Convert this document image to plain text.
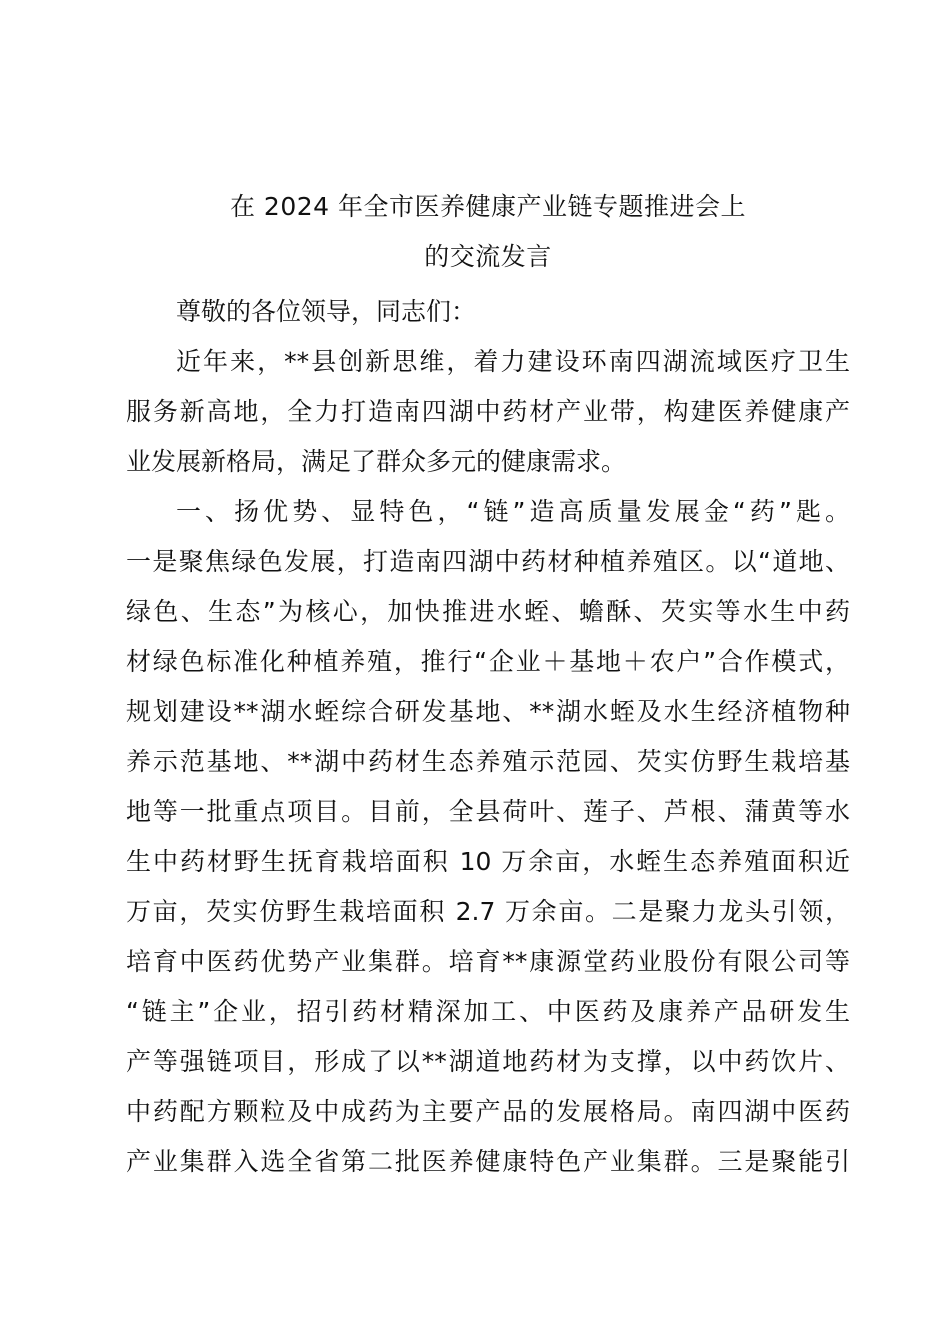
在 2024 年全市医养健康产业链专题推进会上
的交流发言
尊敬的各位领导，同志们：
近年来，**县创新思维，着力建设环南四湖流域医疗卫生
服务新高地，全力打造南四湖中药材产业带，构建医养健康产
业发展新格局，满足了群众多元的健康需求。
一、扬优势、显特色，“链”造高质量发展金“药”匙。
一是聚焦绿色发展，打造南四湖中药材种植养殖区。以“道地、
绿色、生态”为核心，加快推进水蛭、蟾酥、芡实等水生中药
材绿色标准化种植养殖，推行“企业＋基地＋农户”合作模式，
规划建设**湖水蛭综合研发基地、**湖水蛭及水生经济植物种
养示范基地、**湖中药材生态养殖示范园、芡实仿野生栽培基
地等一批重点项目。目前，全县荷叶、莲子、芦根、蒲黄等水
生中药材野生抚育栽培面积 10 万余亩，水蛭生态养殖面积近
万亩，芡实仿野生栽培面积 2.7 万余亩。二是聚力龙头引领，
培育中医药优势产业集群。培育**康源堂药业股份有限公司等
“链主”企业，招引药材精深加工、中医药及康养产品研发生
产等强链项目，形成了以**湖道地药材为支撑，以中药饮片、
中药配方颗粒及中成药为主要产品的发展格局。南四湖中医药
产业集群入选全省第二批医养健康特色产业集群。三是聚能引
